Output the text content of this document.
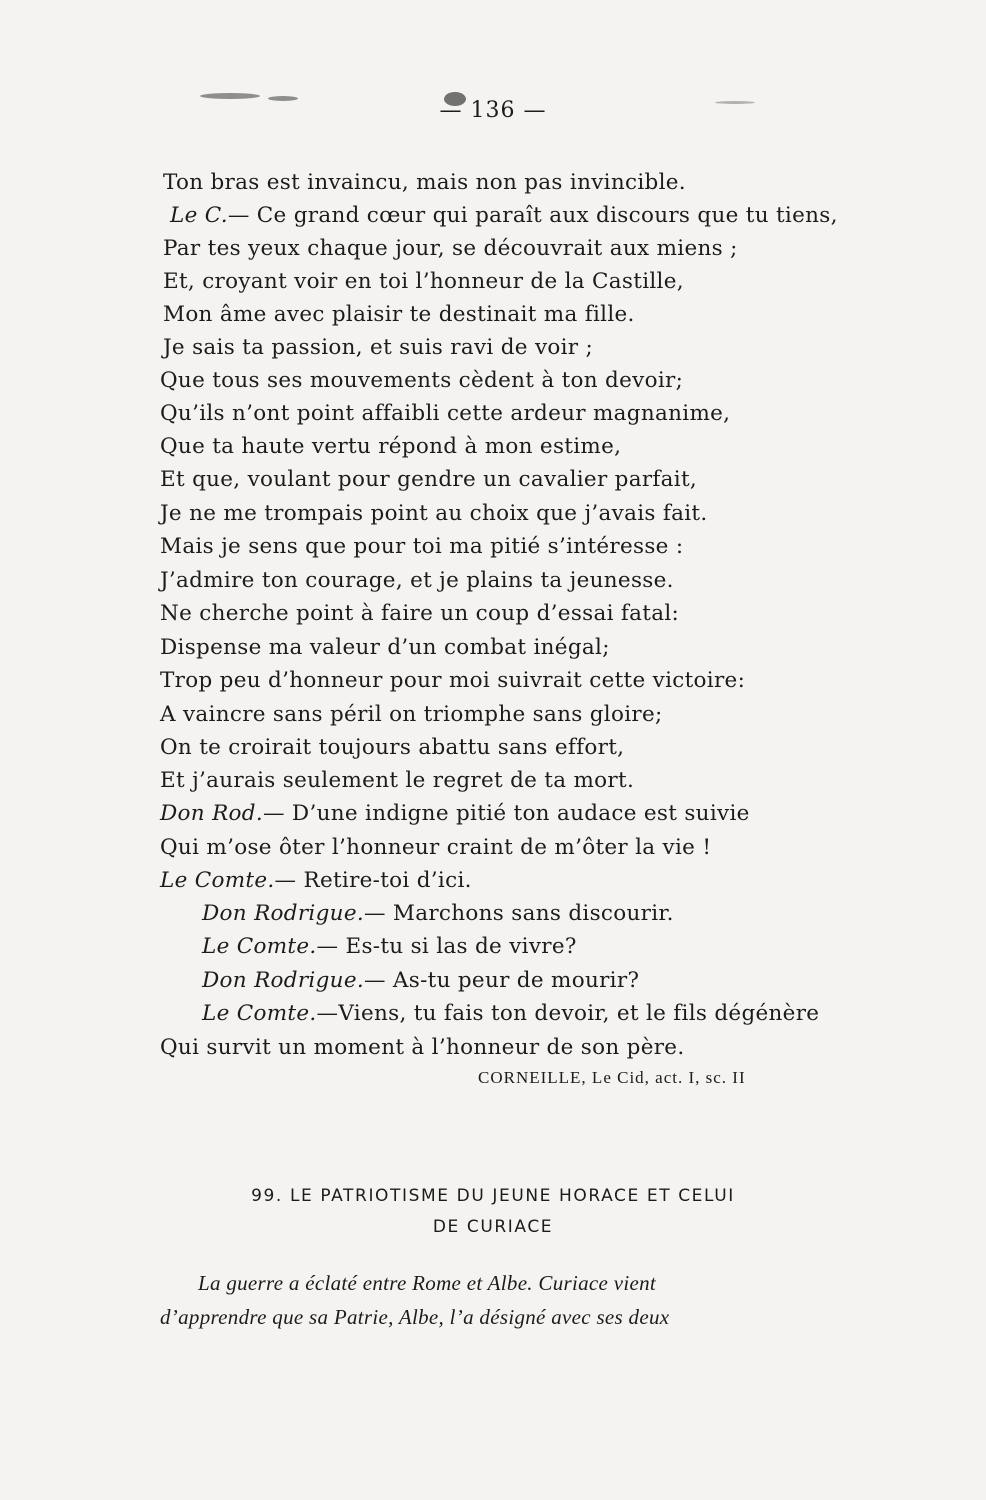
— 136 —
Ton bras est invaincu, mais non pas invincible.
Le C.— Ce grand cœur qui paraît aux discours que tu tiens,
Par tes yeux chaque jour, se découvrait aux miens ;
Et, croyant voir en toi l’honneur de la Castille,
Mon âme avec plaisir te destinait ma fille.
Je sais ta passion, et suis ravi de voir ;
Que tous ses mouvements cèdent à ton devoir;
Qu’ils n’ont point affaibli cette ardeur magnanime,
Que ta haute vertu répond à mon estime,
Et que, voulant pour gendre un cavalier parfait,
Je ne me trompais point au choix que j’avais fait.
Mais je sens que pour toi ma pitié s’intéresse :
J’admire ton courage, et je plains ta jeunesse.
Ne cherche point à faire un coup d’essai fatal:
Dispense ma valeur d’un combat inégal;
Trop peu d’honneur pour moi suivrait cette victoire:
A vaincre sans péril on triomphe sans gloire;
On te croirait toujours abattu sans effort,
Et j’aurais seulement le regret de ta mort.
Don Rod.— D’une indigne pitié ton audace est suivie
Qui m’ose ôter l’honneur craint de m’ôter la vie !
Le Comte.— Retire-toi d’ici.
Don Rodrigue.— Marchons sans discourir.
Le Comte.— Es-tu si las de vivre?
Don Rodrigue.— As-tu peur de mourir?
Le Comte.—Viens, tu fais ton devoir, et le fils dégénère
Qui survit un moment à l’honneur de son père.
CORNEILLE, Le Cid, act. I, sc. II
99. LE PATRIOTISME DU JEUNE HORACE ET CELUI
DE CURIACE
La guerre a éclaté entre Rome et Albe. Curiace vient
d’apprendre que sa Patrie, Albe, l’a désigné avec ses deux
